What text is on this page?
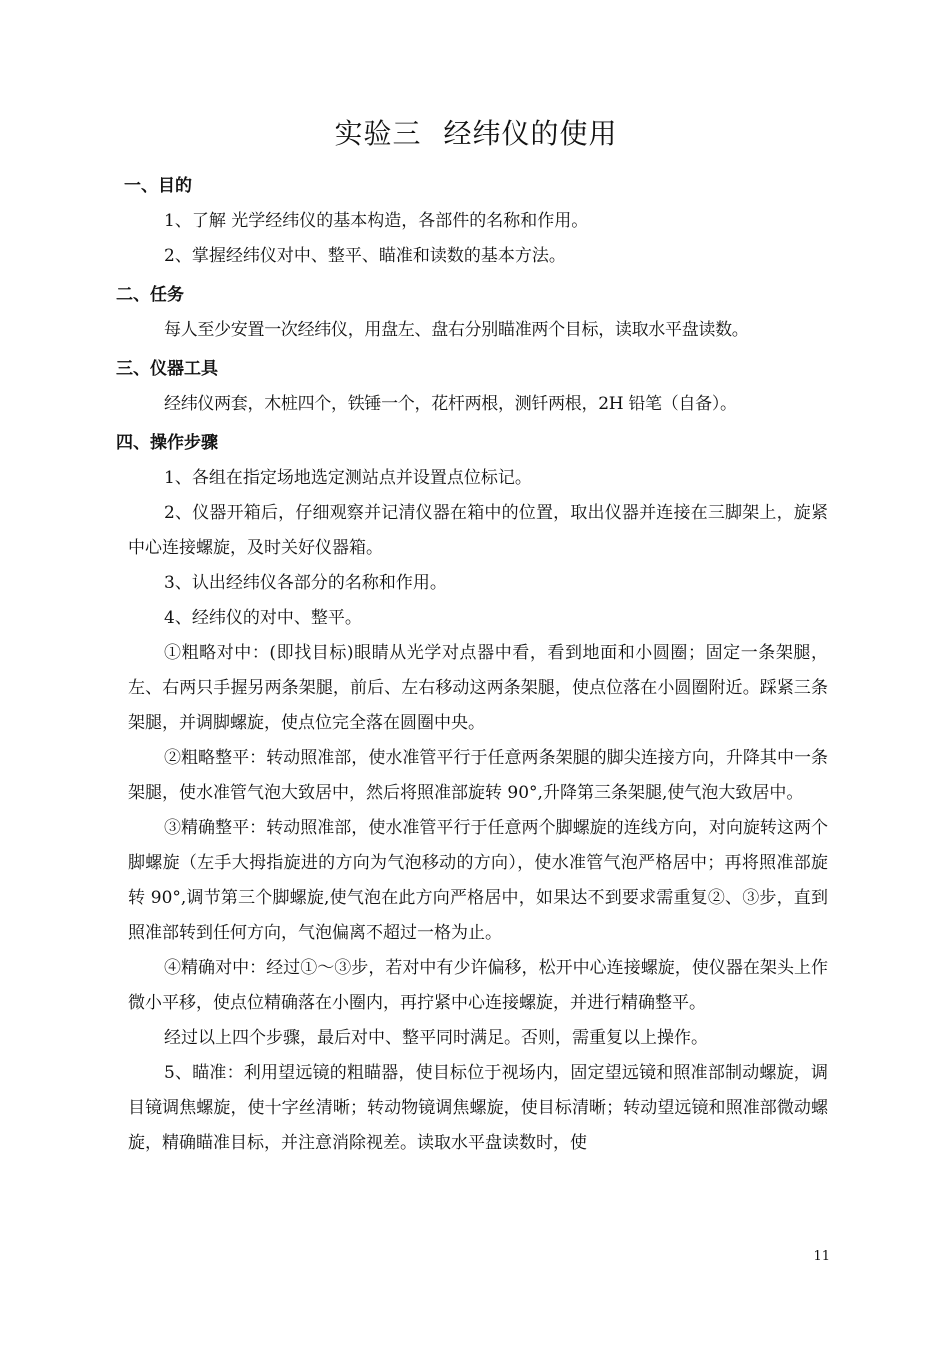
实验三 经纬仪的使用
一、目的

1、了解 光学经纬仪的基本构造，各部件的名称和作用。

2、掌握经纬仪对中、整平、瞄准和读数的基本方法。

二、任务

每人至少安置一次经纬仪，用盘左、盘右分别瞄准两个目标，读取水平盘读数。

三、仪器工具

经纬仪两套，木桩四个，铁锤一个，花杆两根，测钎两根，2H 铅笔（自备）。

四、操作步骤

1、各组在指定场地选定测站点并设置点位标记。

2、仪器开箱后，仔细观察并记清仪器在箱中的位置，取出仪器并连接在三脚架上，旋紧中心连接螺旋，及时关好仪器箱。

3、认出经纬仪各部分的名称和作用。

4、经纬仪的对中、整平。

①粗略对中：(即找目标)眼睛从光学对点器中看，看到地面和小圆圈；固定一条架腿，左、右两只手握另两条架腿，前后、左右移动这两条架腿，使点位落在小圆圈附近。踩紧三条架腿，并调脚螺旋，使点位完全落在圆圈中央。

②粗略整平：转动照准部，使水准管平行于任意两条架腿的脚尖连接方向，升降其中一条架腿，使水准管气泡大致居中，然后将照准部旋转 90°,升降第三条架腿,使气泡大致居中。

③精确整平：转动照准部，使水准管平行于任意两个脚螺旋的连线方向，对向旋转这两个脚螺旋（左手大拇指旋进的方向为气泡移动的方向），使水准管气泡严格居中；再将照准部旋转 90°,调节第三个脚螺旋,使气泡在此方向严格居中，如果达不到要求需重复②、③步，直到照准部转到任何方向，气泡偏离不超过一格为止。

④精确对中：经过①～③步，若对中有少许偏移，松开中心连接螺旋，使仪器在架头上作微小平移，使点位精确落在小圈内，再拧紧中心连接螺旋，并进行精确整平。

经过以上四个步骤，最后对中、整平同时满足。否则，需重复以上操作。

5、瞄准：利用望远镜的粗瞄器，使目标位于视场内，固定望远镜和照准部制动螺旋，调目镜调焦螺旋，使十字丝清晰；转动物镜调焦螺旋，使目标清晰；转动望远镜和照准部微动螺旋，精确瞄准目标，并注意消除视差。读取水平盘读数时，使

11
